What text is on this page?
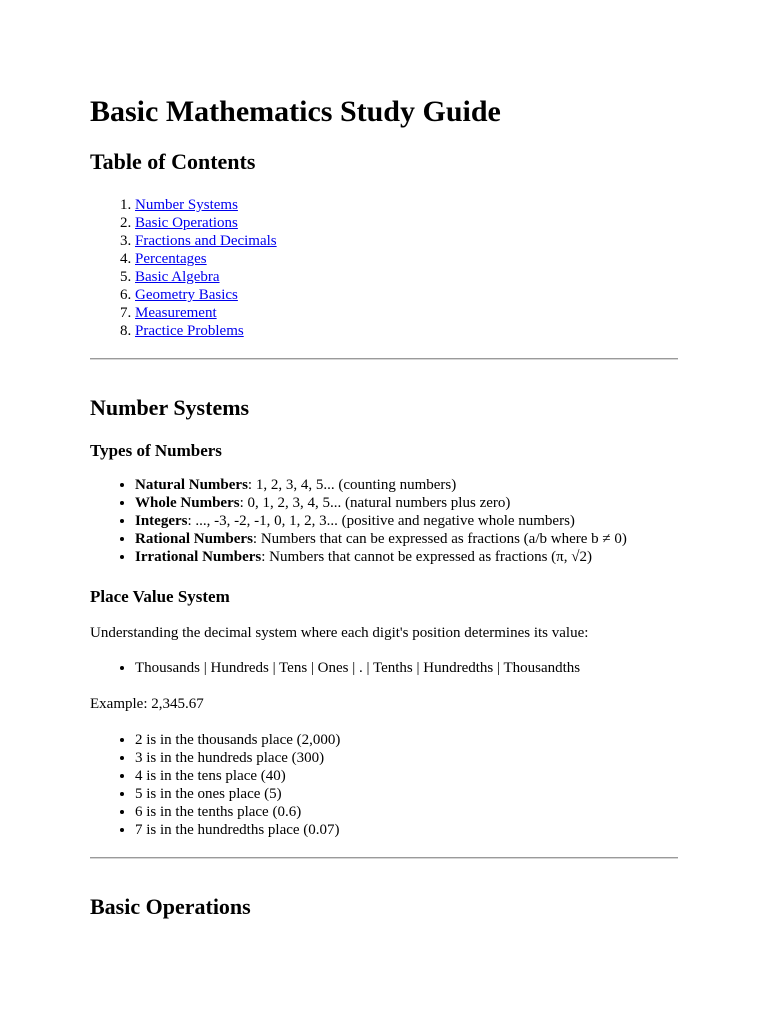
Basic Mathematics Study Guide
Table of Contents
1. Number Systems
2. Basic Operations
3. Fractions and Decimals
4. Percentages
5. Basic Algebra
6. Geometry Basics
7. Measurement
8. Practice Problems
Number Systems
Types of Numbers
• Natural Numbers: 1, 2, 3, 4, 5... (counting numbers)
• Whole Numbers: 0, 1, 2, 3, 4, 5... (natural numbers plus zero)
• Integers: ..., -3, -2, -1, 0, 1, 2, 3... (positive and negative whole numbers)
• Rational Numbers: Numbers that can be expressed as fractions (a/b where b ≠ 0)
• Irrational Numbers: Numbers that cannot be expressed as fractions (π, √2)
Place Value System

Understanding the decimal system where each digit's position determines its value:

• Thousands | Hundreds | Tens | Ones | . | Tenths | Hundredths | Thousandths

Example: 2,345.67

• 2 is in the thousands place (2,000)
• 3 is in the hundreds place (300)
• 4 is in the tens place (40)
• 5 is in the ones place (5)
• 6 is in the tenths place (0.6)
• 7 is in the hundredths place (0.07)
Basic Operations
